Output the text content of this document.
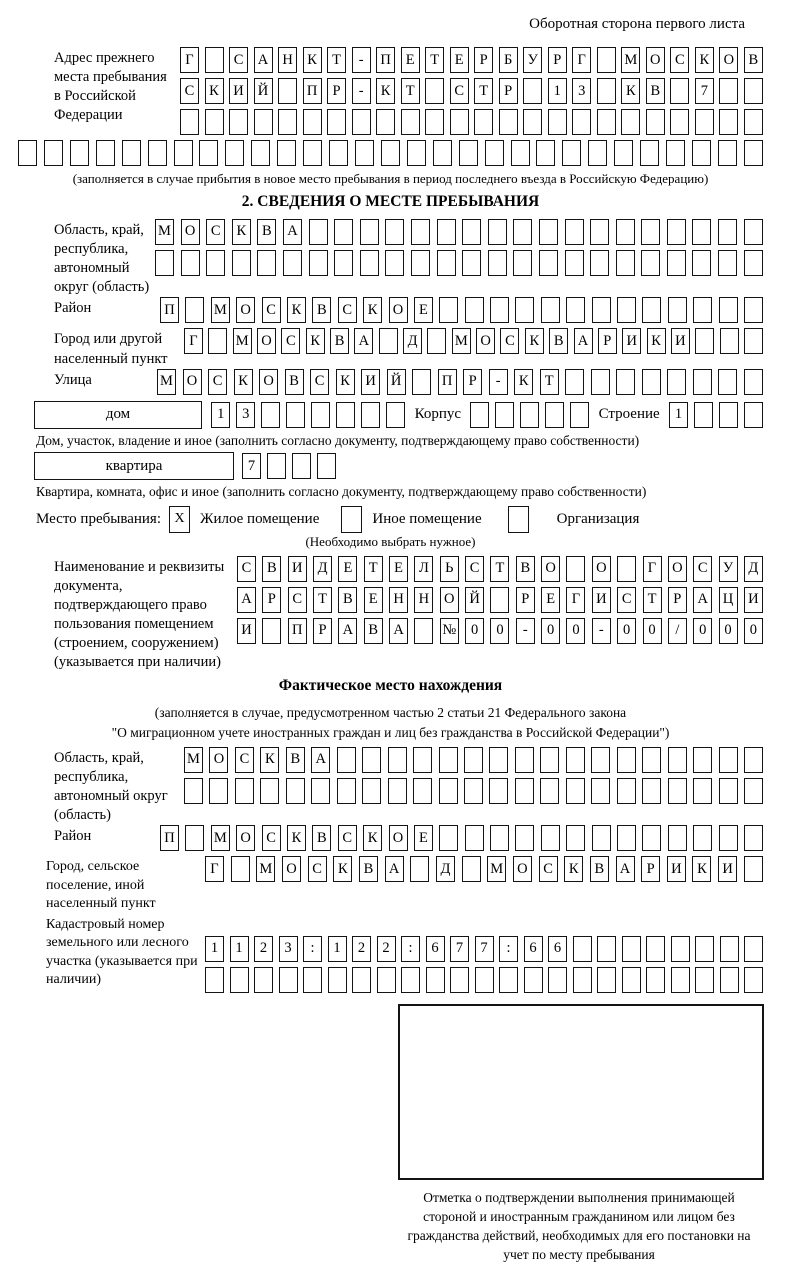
Оборотная сторона первого листа
Адрес прежнего места пребывания в Российской Федерации
Г	С А Н К	Т	-	П	Е	Т	Е	Р	Б	У	Р	Г	М О С	К О В
С	К И Й	П	Р	-	К	Т	С	Т	Р	1	3	К	В	7
(заполняется в случае прибытия в новое место пребывания в период последнего въезда в Российскую Федерацию)
2. СВЕДЕНИЯ О МЕСТЕ ПРЕБЫВАНИЯ
Область, край, республика, автономный округ (область)
М О	С	К	В	А
Район	П	М О	С	К	В	С	К	О	Е
Город или другой населенный пункт
Г	М О С	К	В А	Д	М О С	К	В А	Р	И К И
Улица	М О	С	К	О	В	С	К	И Й	П	Р	-	К	Т
дом	1	3	Корпус	Строение	1
Дом, участок, владение и иное (заполнить согласно документу, подтверждающему право собственности)
квартира	7
Квартира, комната, офис и иное (заполнить согласно документу, подтверждающему право собственности)
Место пребывания: X	Жилое помещение	Иное помещение	Организация
(Необходимо выбрать нужное)
Наименование и реквизиты документа, подтверждающего право пользования помещением (строением, сооружением) (указывается при наличии)
С	В	И	Д	Е	Т	Е	Л	Ь	С	Т	В	О	О	Г	О	С	У	Д
А	Р	С	Т	В	Е	Н Н О Й	Р	Е	Г	И	С	Т	Р	А Ц И
И	П	Р	А	В	А	№	0	0	-	0	0	-	0	0	/	0	0	0
Фактическое место нахождения
(заполняется в случае, предусмотренном частью 2 статьи 21 Федерального закона
"О миграционном учете иностранных граждан и лиц без гражданства в Российской Федерации")
Область, край, республика, автономный округ (область)
М О	С	К	В	А
Район	П	М О	С	К	В	С	К	О	Е
Город, сельское поселение, иной населенный пункт
Г	М О	С	К	В	А	Д	М О	С	К	В	А	Р	И	К	И
Кадастровый номер земельного или лесного участка (указывается при наличии)
1	1	2	3	:	1	2	2	:	6	7	7	:	6	6
Отметка о подтверждении выполнения принимающей стороной и иностранным гражданином или лицом без гражданства действий, необходимых для его постановки на учет по месту пребывания
